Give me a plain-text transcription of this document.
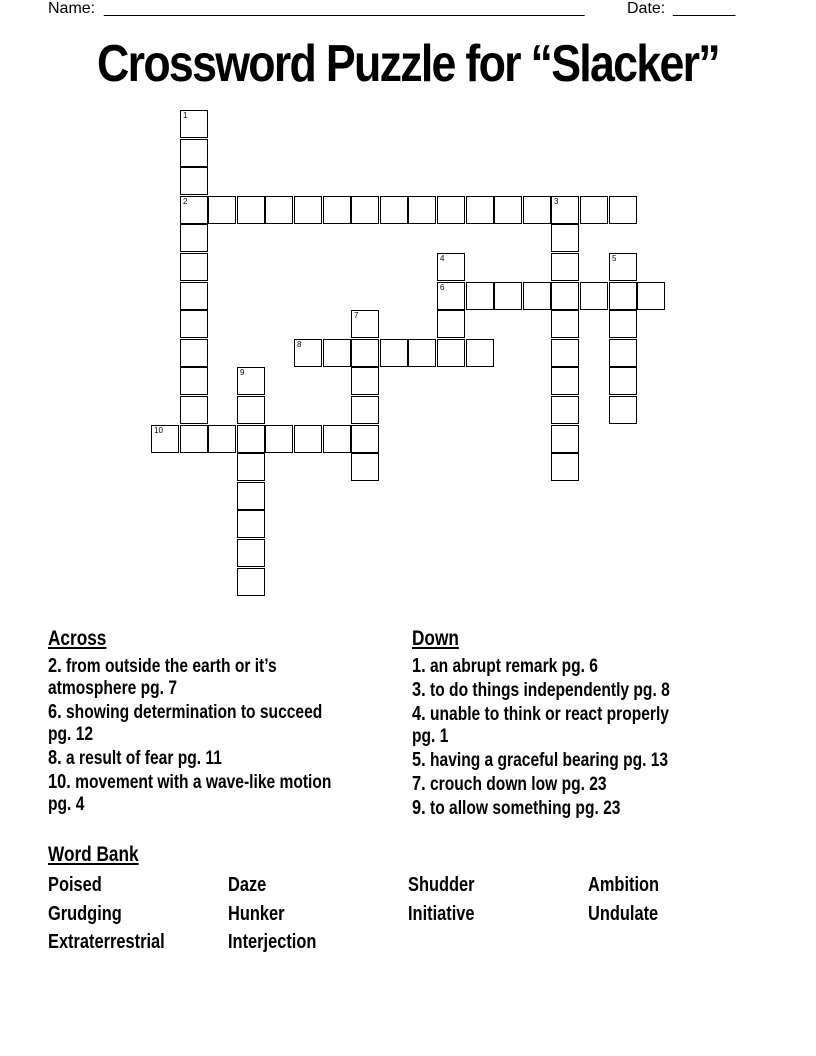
Name: ______________________________________________________	Date: _______
Crossword Puzzle for “Slacker”
1
2	3
4
6
5
7
8
9
10
Across
2. from outside the earth or it’s
atmosphere pg. 7
6. showing determination to succeed
pg. 12
8. a result of fear pg. 11
10. movement with a wave-like motion
pg. 4

Down
1. an abrupt remark pg. 6
3. to do things independently pg. 8
4. unable to think or react properly
pg. 1
5. having a graceful bearing pg. 13
7. crouch down low pg. 23
9. to allow something pg. 23

Word Bank
Poised	Daze	Shudder	Ambition
Grudging	Hunker	Initiative	Undulate
Extraterrestrial	Interjection
